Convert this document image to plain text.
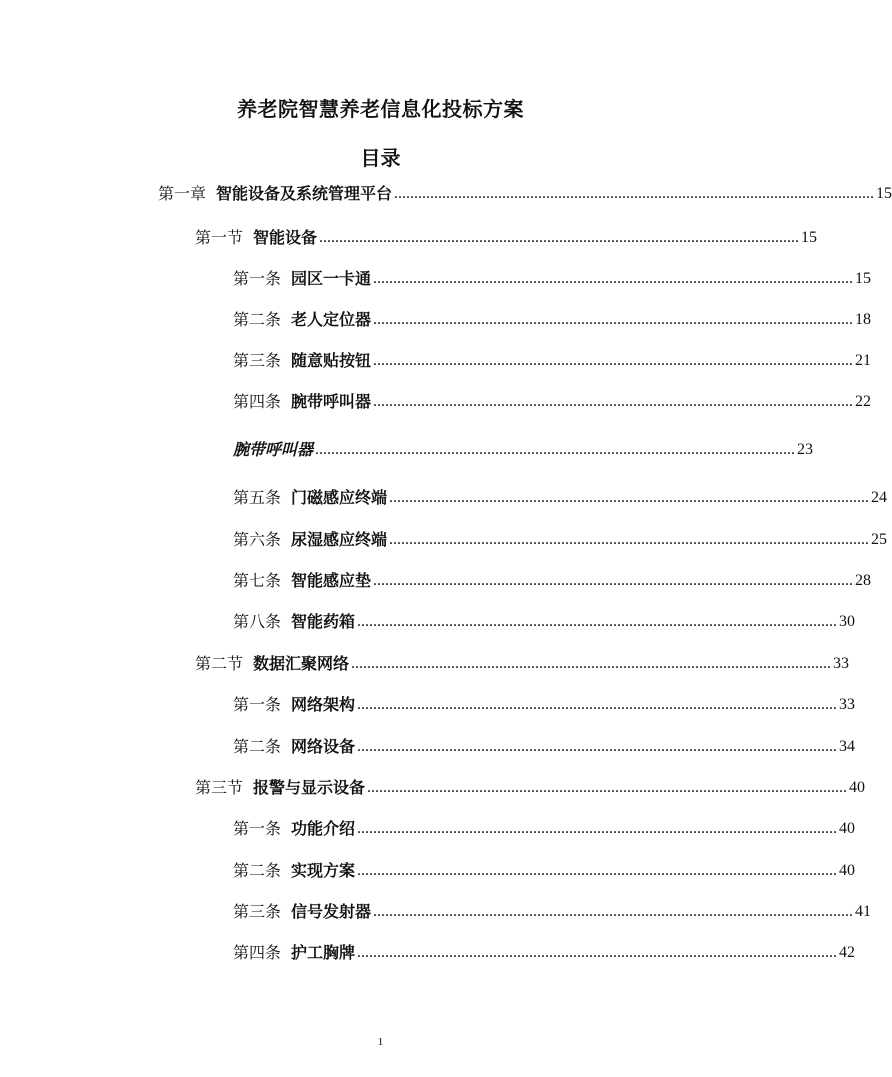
养老院智慧养老信息化投标方案
目录
第一章 智能设备及系统管理平台 ........................................................................................................................ 15
第一节 智能设备 ........................................................................................................................ 15
第一条 园区一卡通 ........................................................................................................................ 15
第二条 老人定位器 ........................................................................................................................ 18
第三条 随意贴按钮 ........................................................................................................................ 21
第四条 腕带呼叫器 ........................................................................................................................ 22
腕带呼叫器 ........................................................................................................................ 23
第五条 门磁感应终端 ........................................................................................................................ 24
第六条 尿湿感应终端 ........................................................................................................................ 25
第七条 智能感应垫 ........................................................................................................................ 28
第八条 智能药箱 ........................................................................................................................ 30
第二节 数据汇聚网络 ........................................................................................................................ 33
第一条 网络架构 ........................................................................................................................ 33
第二条 网络设备 ........................................................................................................................ 34
第三节 报警与显示设备 ........................................................................................................................ 40
第一条 功能介绍 ........................................................................................................................ 40
第二条 实现方案 ........................................................................................................................ 40
第三条 信号发射器 ........................................................................................................................ 41
第四条 护工胸牌 ........................................................................................................................ 42
1
